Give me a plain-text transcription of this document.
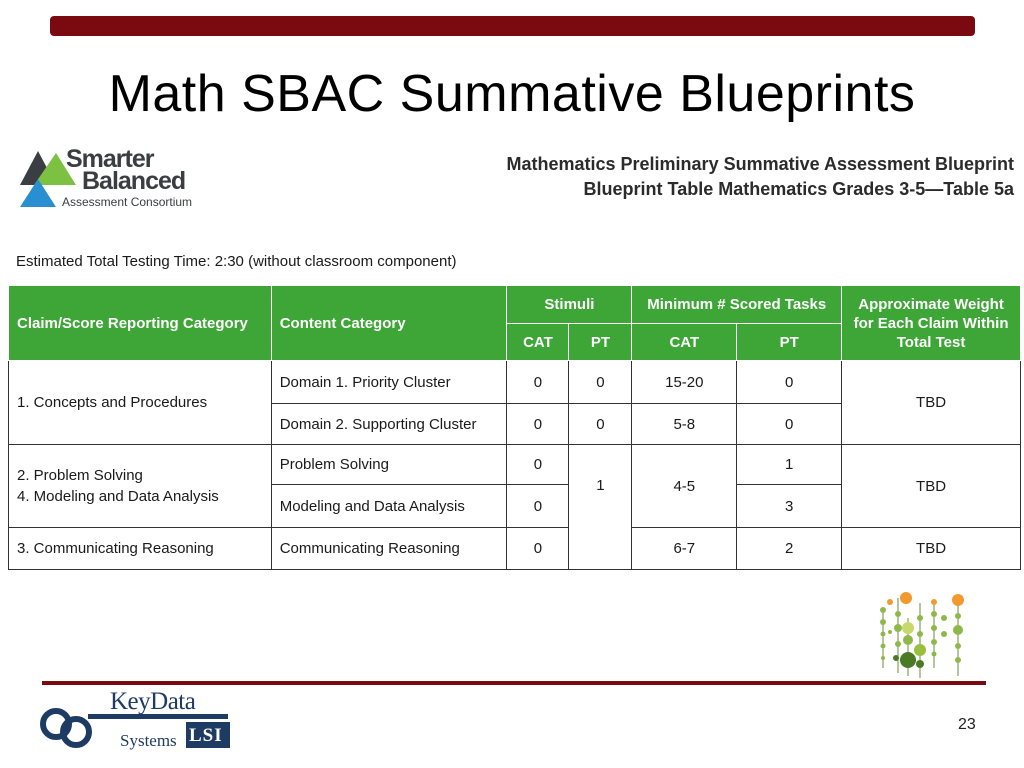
Math SBAC Summative Blueprints
Smarter
Balanced
Assessment Consortium
Mathematics Preliminary Summative Assessment Blueprint
Blueprint Table Mathematics Grades 3-5—Table 5a
Estimated Total Testing Time: 2:30 (without classroom component)
Claim/Score Reporting Category	Content Category	Stimuli		Minimum # Scored Tasks		Approximate Weight for Each Claim Within Total Test
		CAT	PT	CAT	PT	
1. Concepts and Procedures	Domain 1. Priority Cluster	0	0	15-20	0	TBD
	Domain 2. Supporting Cluster	0	0	5-8	0	

2. Problem Solving
4. Modeling and Data Analysis	Problem Solving	0	1	4-5	1	TBD
	Modeling and Data Analysis	0			3	
3. Communicating Reasoning	Communicating Reasoning	0		6-7	2	TBD
KeyData
Systems LSI
23
